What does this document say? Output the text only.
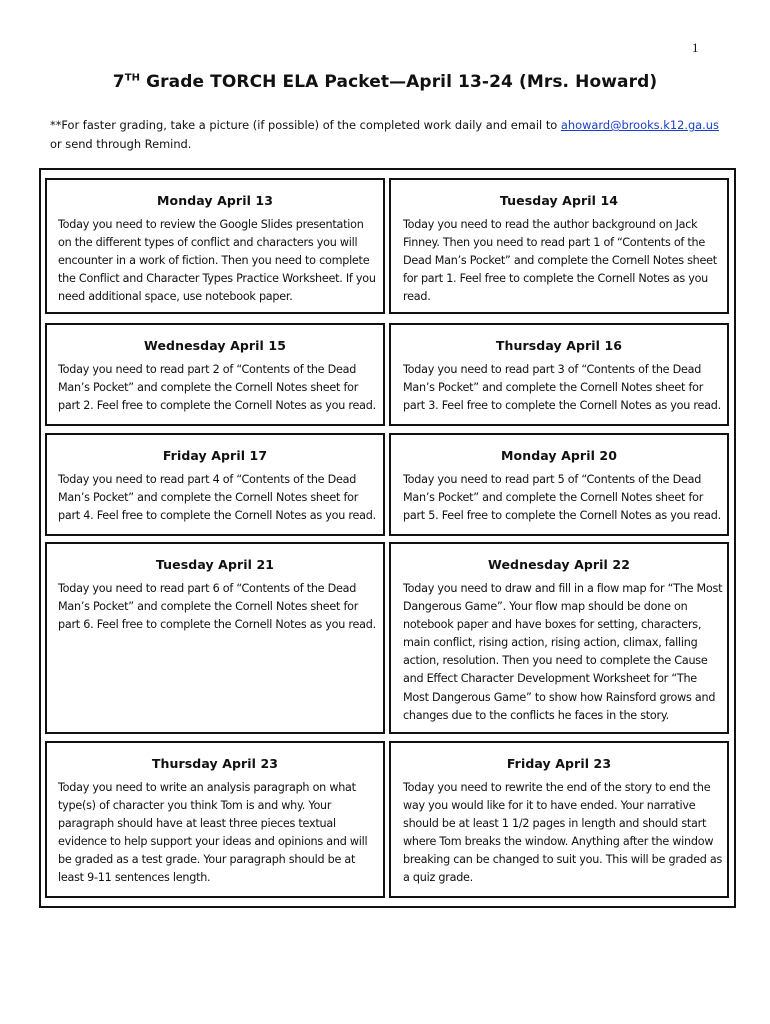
1
7TH Grade TORCH ELA Packet—April 13-24 (Mrs. Howard)
**For faster grading, take a picture (if possible) of the completed work daily and email to ahoward@brooks.k12.ga.us or send through Remind.
Monday April 13
Today you need to review the Google Slides presentation on the different types of conflict and characters you will encounter in a work of fiction. Then you need to complete the Conflict and Character Types Practice Worksheet. If you need additional space, use notebook paper.
Tuesday April 14
Today you need to read the author background on Jack Finney. Then you need to read part 1 of “Contents of the Dead Man’s Pocket” and complete the Cornell Notes sheet for part 1. Feel free to complete the Cornell Notes as you read.
Wednesday April 15
Today you need to read part 2 of “Contents of the Dead Man’s Pocket” and complete the Cornell Notes sheet for part 2. Feel free to complete the Cornell Notes as you read.
Thursday April 16
Today you need to read part 3 of “Contents of the Dead Man’s Pocket” and complete the Cornell Notes sheet for part 3. Feel free to complete the Cornell Notes as you read.
Friday April 17
Today you need to read part 4 of “Contents of the Dead Man’s Pocket” and complete the Cornell Notes sheet for part 4. Feel free to complete the Cornell Notes as you read.
Monday April 20
Today you need to read part 5 of “Contents of the Dead Man’s Pocket” and complete the Cornell Notes sheet for part 5. Feel free to complete the Cornell Notes as you read.
Tuesday April 21
Today you need to read part 6 of “Contents of the Dead Man’s Pocket” and complete the Cornell Notes sheet for part 6. Feel free to complete the Cornell Notes as you read.
Wednesday April 22
Today you need to draw and fill in a flow map for “The Most Dangerous Game”. Your flow map should be done on notebook paper and have boxes for setting, characters, main conflict, rising action, rising action, climax, falling action, resolution. Then you need to complete the Cause and Effect Character Development Worksheet for “The Most Dangerous Game” to show how Rainsford grows and changes due to the conflicts he faces in the story.
Thursday April 23
Today you need to write an analysis paragraph on what type(s) of character you think Tom is and why. Your paragraph should have at least three pieces textual evidence to help support your ideas and opinions and will be graded as a test grade. Your paragraph should be at least 9-11 sentences length.
Friday April 23
Today you need to rewrite the end of the story to end the way you would like for it to have ended. Your narrative should be at least 1 1/2 pages in length and should start where Tom breaks the window. Anything after the window breaking can be changed to suit you. This will be graded as a quiz grade.
